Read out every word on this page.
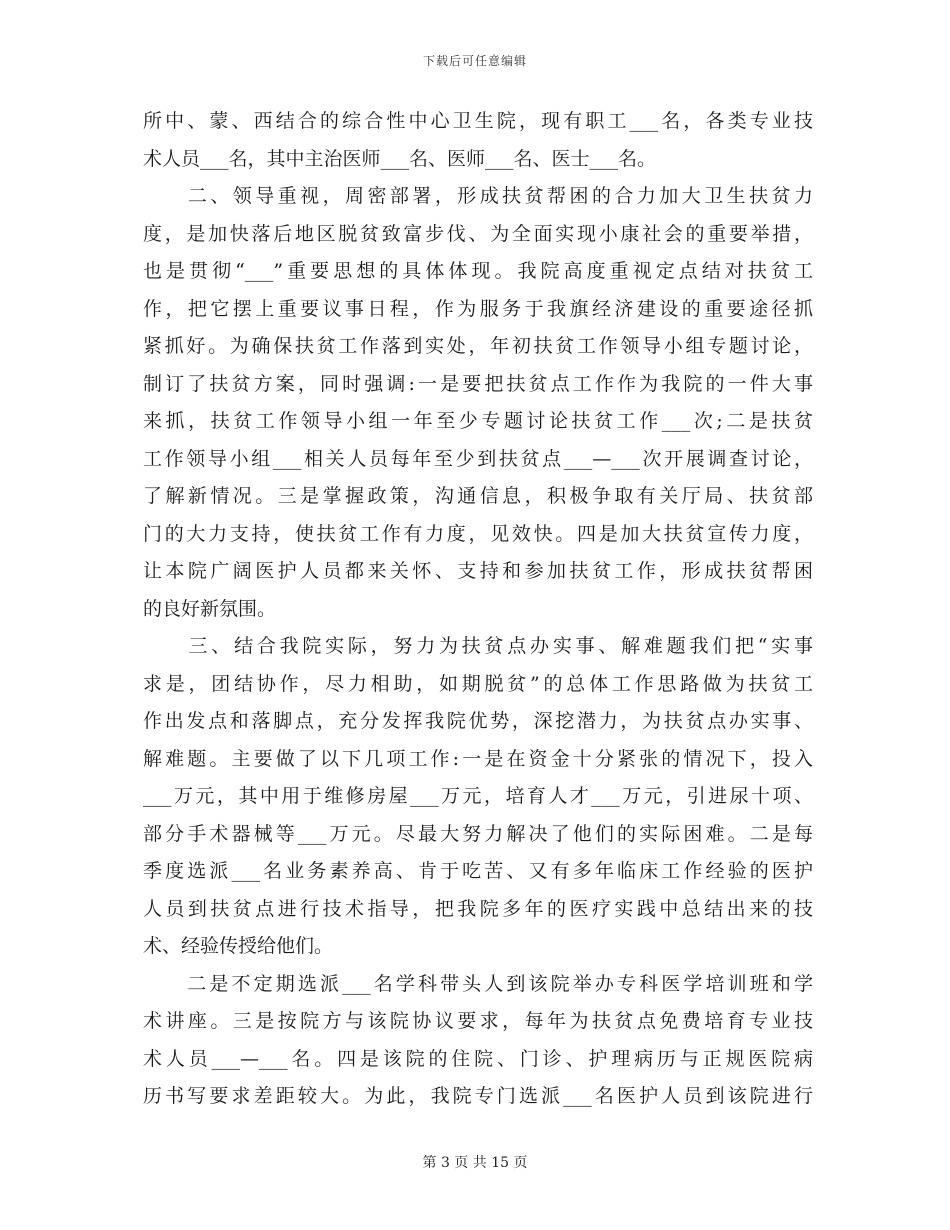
下载后可任意编辑
所中、蒙、西结合的综合性中心卫生院，现有职工___名，各类专业技
术人员___名，其中主治医师___名、医师___名、医士___名。
　　二、领导重视，周密部署，形成扶贫帮困的合力加大卫生扶贫力
度，是加快落后地区脱贫致富步伐、为全面实现小康社会的重要举措，
也是贯彻“___”重要思想的具体体现。我院高度重视定点结对扶贫工
作，把它摆上重要议事日程，作为服务于我旗经济建设的重要途径抓
紧抓好。为确保扶贫工作落到实处，年初扶贫工作领导小组专题讨论，
制订了扶贫方案，同时强调:一是要把扶贫点工作作为我院的一件大事
来抓，扶贫工作领导小组一年至少专题讨论扶贫工作___次;二是扶贫
工作领导小组___相关人员每年至少到扶贫点___—___次开展调查讨论，
了解新情况。三是掌握政策，沟通信息，积极争取有关厅局、扶贫部
门的大力支持，使扶贫工作有力度，见效快。四是加大扶贫宣传力度，
让本院广阔医护人员都来关怀、支持和参加扶贫工作，形成扶贫帮困
的良好新氛围。
　　三、结合我院实际，努力为扶贫点办实事、解难题我们把“实事
求是，团结协作，尽力相助，如期脱贫”的总体工作思路做为扶贫工
作出发点和落脚点，充分发挥我院优势，深挖潜力，为扶贫点办实事、
解难题。主要做了以下几项工作:一是在资金十分紧张的情况下，投入
___万元，其中用于维修房屋___万元，培育人才___万元，引进尿十项、
部分手术器械等___万元。尽最大努力解决了他们的实际困难。二是每
季度选派___名业务素养高、肯于吃苦、又有多年临床工作经验的医护
人员到扶贫点进行技术指导，把我院多年的医疗实践中总结出来的技
术、经验传授给他们。
　　二是不定期选派___名学科带头人到该院举办专科医学培训班和学
术讲座。三是按院方与该院协议要求，每年为扶贫点免费培育专业技
术人员___—___名。四是该院的住院、门诊、护理病历与正规医院病
历书写要求差距较大。为此，我院专门选派___名医护人员到该院进行
第 3 页 共 15 页
